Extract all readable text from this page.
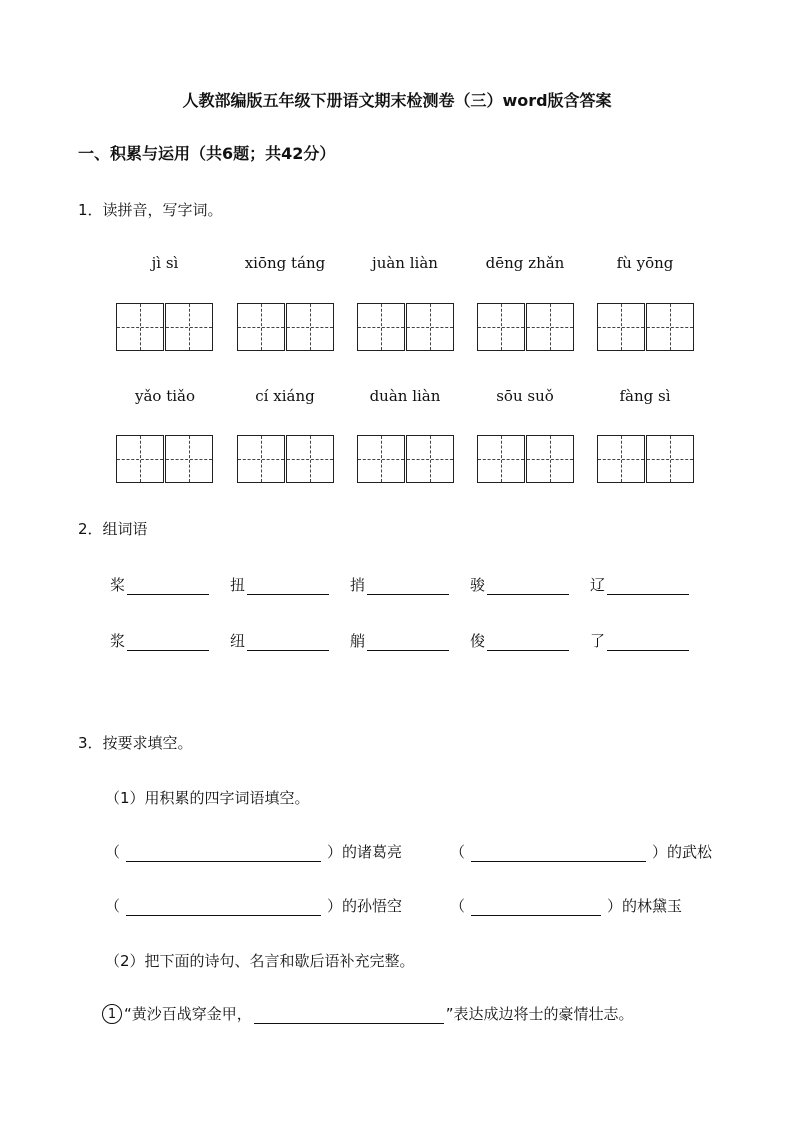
人教部编版五年级下册语文期末检测卷（三）word版含答案
一、积累与运用（共6题；共42分）
1．读拼音，写字词。
jì sì	xiōng táng	juàn liàn	dēng zhǎn	fù yōng
yǎo tiǎo	cí xiáng	duàn liàn	sōu suǒ	fàng sì
2．组词语
桨	扭	捎	骏	辽
浆	纽	艄	俊	了
3．按要求填空。
（1）用积累的四字词语填空。
（	）的诸葛亮	（	）的武松
（	）的孙悟空	（	）的林黛玉
（2）把下面的诗句、名言和歇后语补充完整。
1 “黄沙百战穿金甲，	”表达成边将士的豪情壮志。
